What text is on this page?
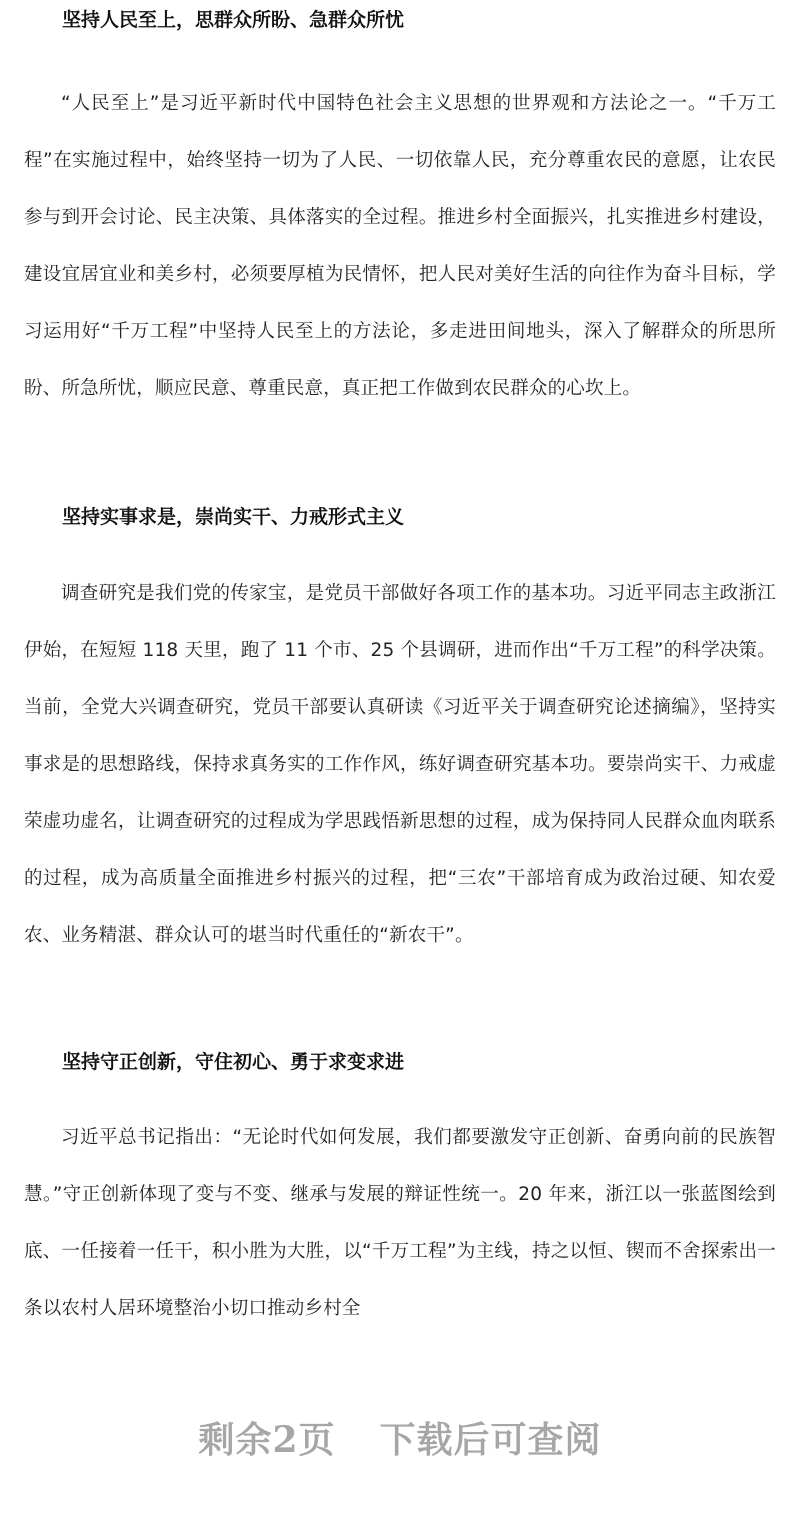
坚持人民至上，思群众所盼、急群众所忧
“人民至上”是习近平新时代中国特色社会主义思想的世界观和方法论之一。“千万工程”在实施过程中，始终坚持一切为了人民、一切依靠人民，充分尊重农民的意愿，让农民参与到开会讨论、民主决策、具体落实的全过程。推进乡村全面振兴，扎实推进乡村建设，建设宜居宜业和美乡村，必须要厚植为民情怀，把人民对美好生活的向往作为奋斗目标，学习运用好“千万工程”中坚持人民至上的方法论，多走进田间地头，深入了解群众的所思所盼、所急所忧，顺应民意、尊重民意，真正把工作做到农民群众的心坎上。
坚持实事求是，崇尚实干、力戒形式主义
调查研究是我们党的传家宝，是党员干部做好各项工作的基本功。习近平同志主政浙江伊始，在短短 118 天里，跑了 11 个市、25 个县调研，进而作出“千万工程”的科学决策。当前，全党大兴调查研究，党员干部要认真研读《习近平关于调查研究论述摘编》，坚持实事求是的思想路线，保持求真务实的工作作风，练好调查研究基本功。要崇尚实干、力戒虚荣虚功虚名，让调查研究的过程成为学思践悟新思想的过程，成为保持同人民群众血肉联系的过程，成为高质量全面推进乡村振兴的过程，把“三农”干部培育成为政治过硬、知农爱农、业务精湛、群众认可的堪当时代重任的“新农干”。
坚持守正创新，守住初心、勇于求变求进
习近平总书记指出：“无论时代如何发展，我们都要激发守正创新、奋勇向前的民族智慧。”守正创新体现了变与不变、继承与发展的辩证性统一。20 年来，浙江以一张蓝图绘到底、一任接着一任干，积小胜为大胜，以“千万工程”为主线，持之以恒、锲而不舍探索出一条以农村人居环境整治小切口推动乡村全
剩余2页 下载后可查阅
